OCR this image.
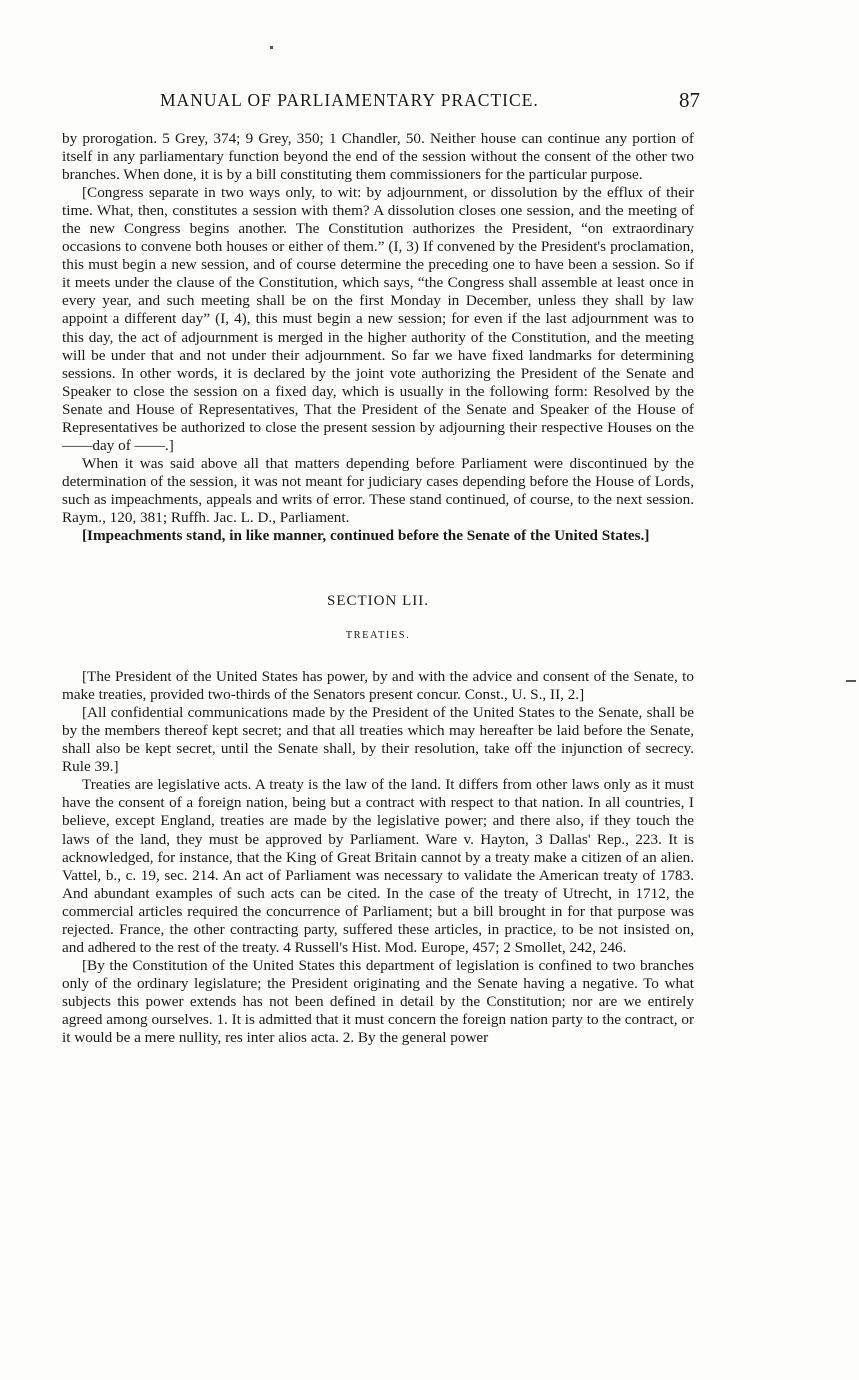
MANUAL OF PARLIAMENTARY PRACTICE.	87

by prorogation. 5 Grey, 374; 9 Grey, 350; 1 Chandler, 50. Neither house can continue any portion of itself in any parliamentary function beyond the end of the session without the consent of the other two branches. When done, it is by a bill constituting them commissioners for the particular purpose.

[Congress separate in two ways only, to wit: by adjournment, or dissolution by the efflux of their time. What, then, constitutes a session with them? A dissolution closes one session, and the meeting of the new Congress begins another. The Constitution authorizes the President, “on extraordinary occasions to convene both houses or either of them.” (I, 3) If convened by the President's proclamation, this must begin a new session, and of course determine the preceding one to have been a session. So if it meets under the clause of the Constitution, which says, “the Congress shall assemble at least once in every year, and such meeting shall be on the first Monday in December, unless they shall by law appoint a different day” (I, 4), this must begin a new session; for even if the last adjournment was to this day, the act of adjournment is merged in the higher authority of the Constitution, and the meeting will be under that and not under their adjournment. So far we have fixed landmarks for determining sessions. In other words, it is declared by the joint vote authorizing the President of the Senate and Speaker to close the session on a fixed day, which is usually in the following form: Resolved by the Senate and House of Representatives, That the President of the Senate and Speaker of the House of Representatives be authorized to close the present session by adjourning their respective Houses on the ——day of ——.]

When it was said above all that matters depending before Parliament were discontinued by the determination of the session, it was not meant for judiciary cases depending before the House of Lords, such as impeachments, appeals and writs of error. These stand continued, of course, to the next session. Raym., 120, 381; Ruffh. Jac. L. D., Parliament.

[Impeachments stand, in like manner, continued before the Senate of the United States.]

SECTION LII.
TREATIES.

[The President of the United States has power, by and with the advice and consent of the Senate, to make treaties, provided two-thirds of the Senators present concur. Const., U. S., II, 2.]

[All confidential communications made by the President of the United States to the Senate, shall be by the members thereof kept secret; and that all treaties which may hereafter be laid before the Senate, shall also be kept secret, until the Senate shall, by their resolution, take off the injunction of secrecy. Rule 39.]

Treaties are legislative acts. A treaty is the law of the land. It differs from other laws only as it must have the consent of a foreign nation, being but a contract with respect to that nation. In all countries, I believe, except England, treaties are made by the legislative power; and there also, if they touch the laws of the land, they must be approved by Parliament. Ware v. Hayton, 3 Dallas' Rep., 223. It is acknowledged, for instance, that the King of Great Britain cannot by a treaty make a citizen of an alien. Vattel, b., c. 19, sec. 214. An act of Parliament was necessary to validate the American treaty of 1783. And abundant examples of such acts can be cited. In the case of the treaty of Utrecht, in 1712, the commercial articles required the concurrence of Parliament; but a bill brought in for that purpose was rejected. France, the other contracting party, suffered these articles, in practice, to be not insisted on, and adhered to the rest of the treaty. 4 Russell's Hist. Mod. Europe, 457; 2 Smollet, 242, 246.

[By the Constitution of the United States this department of legislation is confined to two branches only of the ordinary legislature; the President originating and the Senate having a negative. To what subjects this power extends has not been defined in detail by the Constitution; nor are we entirely agreed among ourselves. 1. It is admitted that it must concern the foreign nation party to the contract, or it would be a mere nullity, res inter alios acta. 2. By the general power
